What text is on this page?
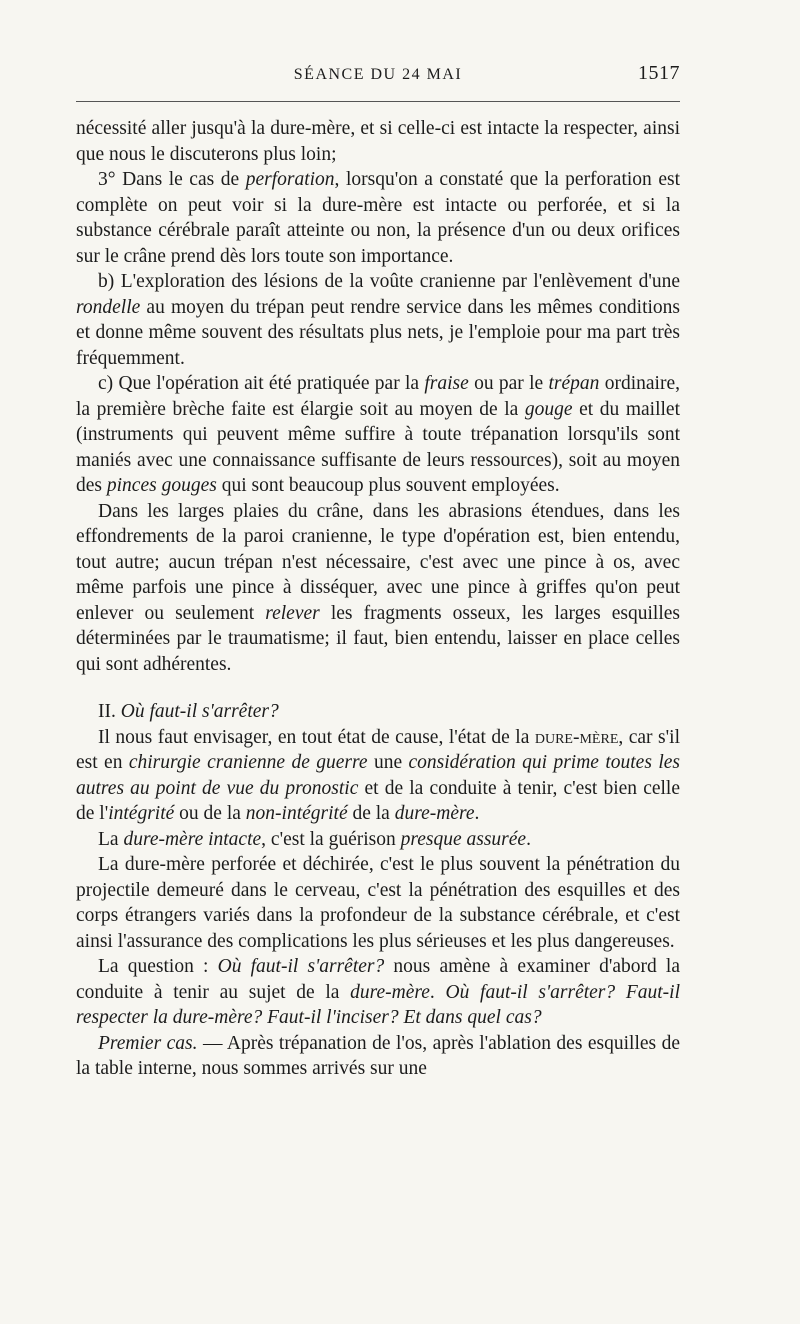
SÉANCE DU 24 MAI	1517

nécessité aller jusqu'à la dure-mère, et si celle-ci est intacte la respecter, ainsi que nous le discuterons plus loin;

3° Dans le cas de perforation, lorsqu'on a constaté que la perforation est complète on peut voir si la dure-mère est intacte ou perforée, et si la substance cérébrale paraît atteinte ou non, la présence d'un ou deux orifices sur le crâne prend dès lors toute son importance.

b) L'exploration des lésions de la voûte cranienne par l'enlèvement d'une rondelle au moyen du trépan peut rendre service dans les mêmes conditions et donne même souvent des résultats plus nets, je l'emploie pour ma part très fréquemment.

c) Que l'opération ait été pratiquée par la fraise ou par le trépan ordinaire, la première brèche faite est élargie soit au moyen de la gouge et du maillet (instruments qui peuvent même suffire à toute trépanation lorsqu'ils sont maniés avec une connaissance suffisante de leurs ressources), soit au moyen des pinces gouges qui sont beaucoup plus souvent employées.

Dans les larges plaies du crâne, dans les abrasions étendues, dans les effondrements de la paroi cranienne, le type d'opération est, bien entendu, tout autre; aucun trépan n'est nécessaire, c'est avec une pince à os, avec même parfois une pince à disséquer, avec une pince à griffes qu'on peut enlever ou seulement relever les fragments osseux, les larges esquilles déterminées par le traumatisme; il faut, bien entendu, laisser en place celles qui sont adhérentes.

II. Où faut-il s'arrêter?

Il nous faut envisager, en tout état de cause, l'état de la dure-mère, car s'il est en chirurgie cranienne de guerre une considération qui prime toutes les autres au point de vue du pronostic et de la conduite à tenir, c'est bien celle de l'intégrité ou de la non-intégrité de la dure-mère.

La dure-mère intacte, c'est la guérison presque assurée.

La dure-mère perforée et déchirée, c'est le plus souvent la pénétration du projectile demeuré dans le cerveau, c'est la pénétration des esquilles et des corps étrangers variés dans la profondeur de la substance cérébrale, et c'est ainsi l'assurance des complications les plus sérieuses et les plus dangereuses.

La question : Où faut-il s'arrêter? nous amène à examiner d'abord la conduite à tenir au sujet de la dure-mère. Où faut-il s'arrêter? Faut-il respecter la dure-mère? Faut-il l'inciser? Et dans quel cas?

Premier cas. — Après trépanation de l'os, après l'ablation des esquilles de la table interne, nous sommes arrivés sur une
